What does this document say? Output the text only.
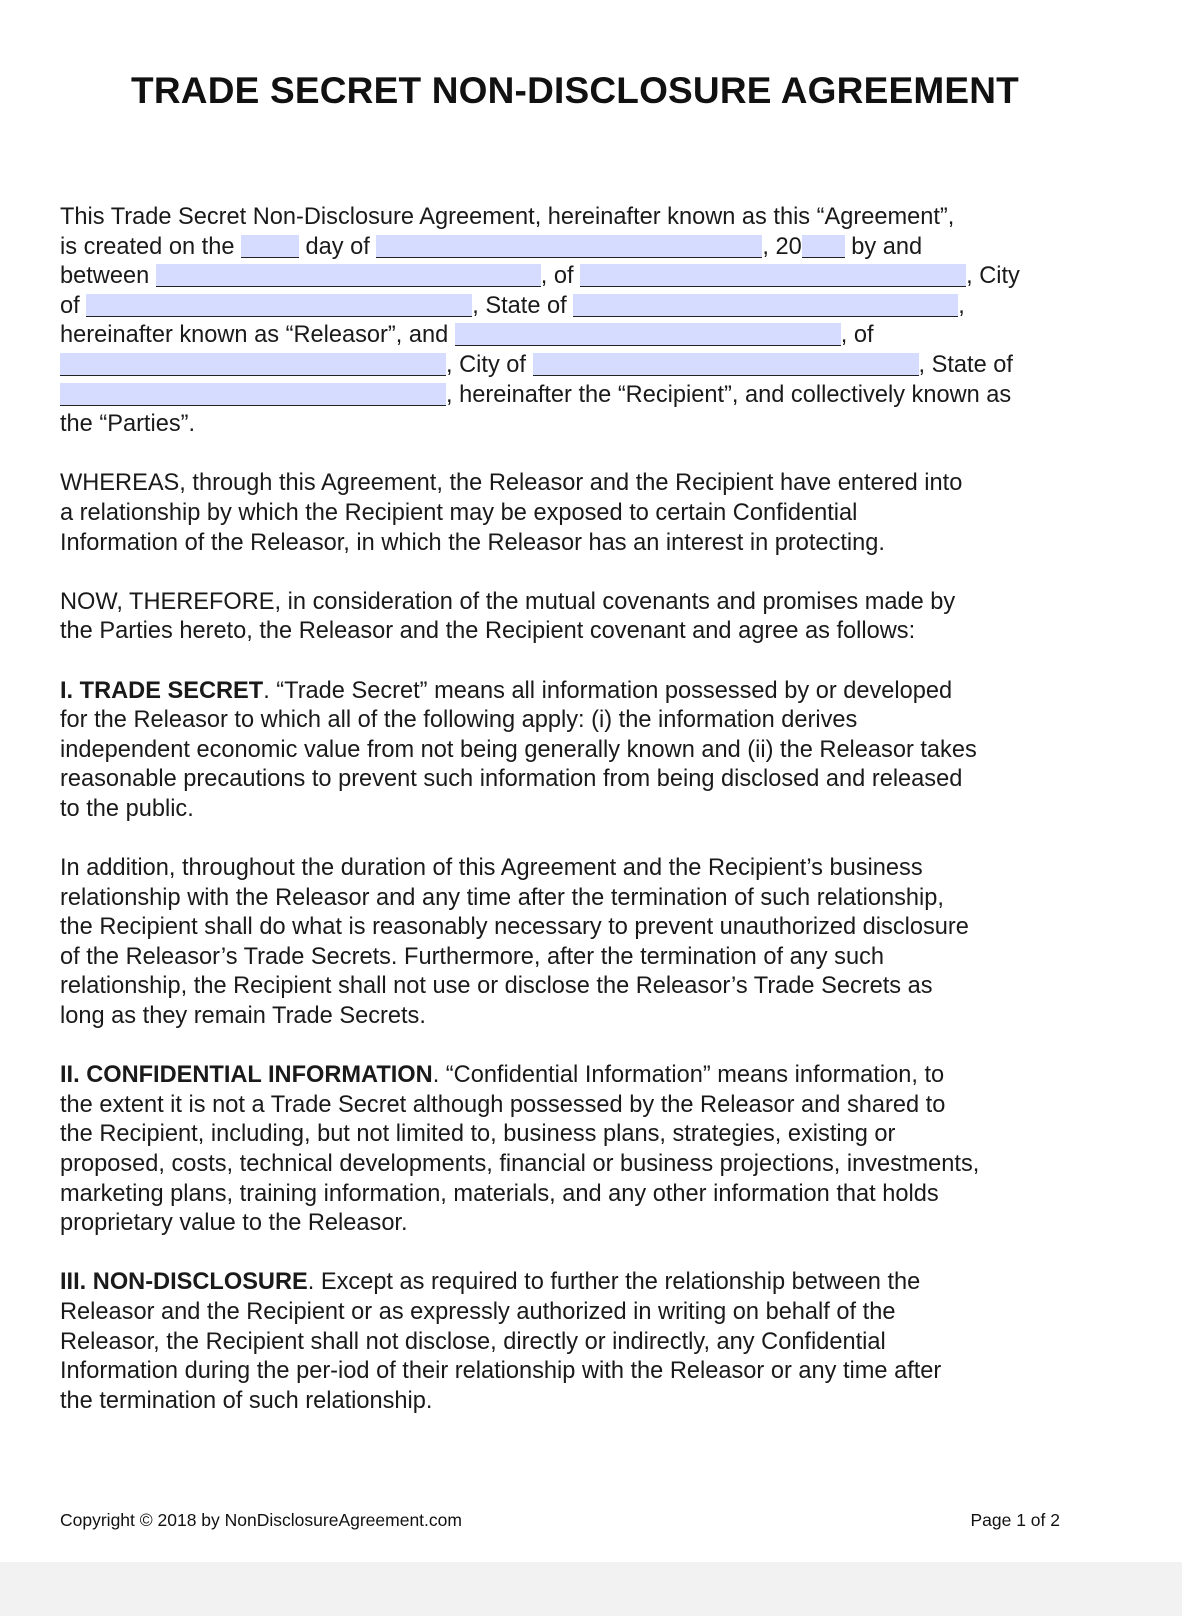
TRADE SECRET NON-DISCLOSURE AGREEMENT
This Trade Secret Non-Disclosure Agreement, hereinafter known as this “Agreement”,
is created on the  day of	, 20 by and
between	, of	, City
of	, State of	,
hereinafter known as “Releasor”, and	, of
, City of	, State of
, hereinafter the “Recipient”, and collectively known as
the “Parties”.
WHEREAS, through this Agreement, the Releasor and the Recipient have entered into
a relationship by which the Recipient may be exposed to certain Confidential
Information of the Releasor, in which the Releasor has an interest in protecting.
NOW, THEREFORE, in consideration of the mutual covenants and promises made by
the Parties hereto, the Releasor and the Recipient covenant and agree as follows:
I. TRADE SECRET. “Trade Secret” means all information possessed by or developed
for the Releasor to which all of the following apply: (i) the information derives
independent economic value from not being generally known and (ii) the Releasor takes
reasonable precautions to prevent such information from being disclosed and released
to the public.
In addition, throughout the duration of this Agreement and the Recipient’s business
relationship with the Releasor and any time after the termination of such relationship,
the Recipient shall do what is reasonably necessary to prevent unauthorized disclosure
of the Releasor’s Trade Secrets. Furthermore, after the termination of any such
relationship, the Recipient shall not use or disclose the Releasor’s Trade Secrets as
long as they remain Trade Secrets.
II. CONFIDENTIAL INFORMATION. “Confidential Information” means information, to
the extent it is not a Trade Secret although possessed by the Releasor and shared to
the Recipient, including, but not limited to, business plans, strategies, existing or
proposed, costs, technical developments, financial or business projections, investments,
marketing plans, training information, materials, and any other information that holds
proprietary value to the Releasor.
III. NON-DISCLOSURE. Except as required to further the relationship between the
Releasor and the Recipient or as expressly authorized in writing on behalf of the
Releasor, the Recipient shall not disclose, directly or indirectly, any Confidential
Information during the per-iod of their relationship with the Releasor or any time after
the termination of such relationship.
Copyright © 2018 by NonDisclosureAgreement.com	Page 1 of 2
